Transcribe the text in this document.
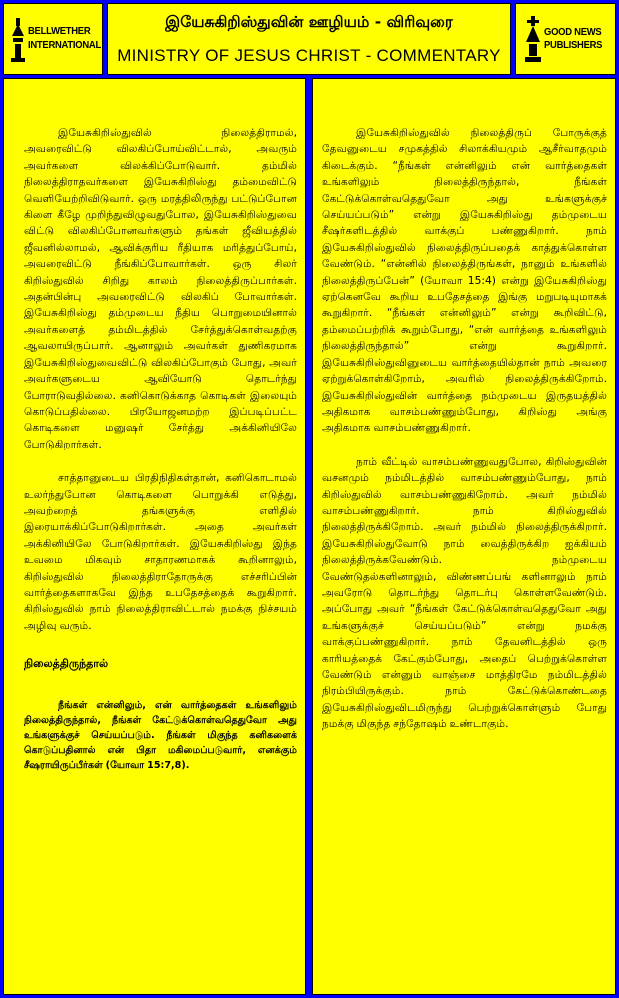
BELLWETHER
INTERNATIONAL
இயேசுகிறிஸ்துவின் ஊழியம் - விரிவுரை
MINISTRY OF JESUS CHRIST - COMMENTARY
GOOD NEWS
PUBLISHERS

இயேசுகிறிஸ்துவில் நிலைத்திராமல், அவரைவிட்டு விலகிப்போய்விட்டால், அவரும் அவர்களை விலக்கிப்போடுவார். தம்மில் நிலைத்திராதவர்களை இயேசுகிறிஸ்து தம்மைவிட்டு வெளியேற்றிவிடுவார். ஒரு மரத்திலிருந்து பட்டுப்போன கிளை கீழே முறிந்துவிழுவதுபோல, இயேசுகிறிஸ்துவை விட்டு விலகிப்போனவர்களும் தங்கள் ஜீவியத்தில் ஜீவனில்லாமல், ஆவிக்குரிய ரீதியாக மரித்துப்போய், அவரைவிட்டு நீங்கிப்போவார்கள். ஒரு சிலர் கிறிஸ்துவில் சிறிது காலம் நிலைத்திருப்பார்கள். அதன்பின்பு அவரைவிட்டு விலகிப் போவார்கள். இயேசுகிறிஸ்து தம்முடைய நீதிய பொறுமையினால் அவர்களைத் தம்மிடத்தில் சேர்த்துக்கொள்வதற்கு ஆவலாயிருப்பார். ஆனாலும் அவர்கள் துணிகரமாக இயேசுகிறிஸ்துவைவிட்டு விலகிப்போகும் போது, அவர் அவர்களுடைய ஆவியோடு தொடர்ந்து போராடுவதில்லை. கனிகொடுக்காத கொடிகள் இலையும் கொடுப்பதில்லை. பிரயோஜனமற்ற இப்படிப்பட்ட கொடிகளை மனுஷர் சேர்த்து அக்கினியிலே போடுகிறார்கள்.

சாத்தானுடைய பிரதிநிதிகள்தான், கனிகொடாமல் உலர்ந்துபோன கொடிகளை பொறுக்கி எடுத்து, அவற்றைத் தங்களுக்கு எளிதில் இரையாக்கிப்போடுகிறார்கள். அதை அவர்கள் அக்கினியிலே போடுகிறார்கள். இயேசுகிறிஸ்து இந்த உவமை மிகவும் சாதாரணமாகக் கூறினாலும், கிறிஸ்துவில் நிலைத்திராதோருக்கு எச்சரிப்பின் வார்த்தைகளாகவே இந்த உபதேசத்தைக் கூறுகிறார். கிறிஸ்துவில் நாம் நிலைத்திராவிட்டால் நமக்கு நிச்சயம் அழிவு வரும்.

நிலைத்திருந்தால்

நீங்கள் என்னிலும், என் வார்த்தைகள் உங்களிலும் நிலைத்திருந்தால், நீங்கள் கேட்டுக்கொள்வதெதுவோ அது உங்களுக்குச் செய்யப்படும். நீங்கள் மிகுந்த கனிகளைக் கொடுப்பதினால் என் பிதா மகிமைப்படுவார், எனக்கும் சீஷராயிருப்பீர்கள் (யோவா 15:7,8).

இயேசுகிறிஸ்துவில் நிலைத்திருப் போருக்குத் தேவனுடைய சமுகத்தில் சிலாக்கியமும் ஆசீர்வாதமும் கிடைக்கும். “நீங்கள் என்னிலும் என் வார்த்தைகள் உங்களிலும் நிலைத்திருந்தால், நீங்கள் கேட்டுக்கொள்வதெதுவோ அது உங்களுக்குச் செய்யப்படும்” என்று இயேசுகிறிஸ்து தம்முடைய சீஷர்களிடத்தில் வாக்குப் பண்ணுகிறார். நாம் இயேசுகிறிஸ்துவில் நிலைத்திருப்பதைக் காத்துக்கொள்ள வேண்டும். “என்னில் நிலைத்திருங்கள், நானும் உங்களில் நிலைத்திருப்பேன்” (யோவா 15:4) என்று இயேசுகிறிஸ்து ஏற்கெனவே கூறிய உபதேசத்தை இங்கு மறுபடியுமாகக் கூறுகிறார். “நீங்கள் என்னிலும்” என்று கூறிவிட்டு, தம்மைப்பற்றிக் கூறும்போது, “என் வார்த்தை உங்களிலும் நிலைத்திருந்தால்” என்று கூறுகிறார். இயேசுகிறிஸ்துவினுடைய வார்த்தையில்தான் நாம் அவரை ஏற்றுக்கொள்கிறோம், அவரில் நிலைத்திருக்கிறோம். இயேசுகிறிஸ்துவின் வார்த்தை நம்முடைய இருதயத்தில் அதிகமாக வாசம்பண்ணும்போது, கிறிஸ்து அங்கு அதிகமாக வாசம்பண்ணுகிறார்.

நாம் வீட்டில் வாசம்பண்ணுவதுபோல, கிறிஸ்துவின் வசனமும் நம்மிடத்தில் வாசம்பண்ணும்போது, நாம் கிறிஸ்துவில் வாசம்பண்ணுகிறோம். அவர் நம்மில் வாசம்பண்ணுகிறார். நாம் கிறிஸ்துவில் நிலைத்திருக்கிறோம். அவர் நம்மில் நிலைத்திருக்கிறார். இயேசுகிறிஸ்துவோடு நாம் வைத்திருக்கிற ஐக்கியம் நிலைத்திருக்கவேண்டும். நம்முடைய வேண்டுதல்களினாலும், விண்ணப்பங் களினாலும் நாம் அவரோடு தொடர்ந்து தொடர்பு கொள்ளவேண்டும். அப்போது அவர் “நீங்கள் கேட்டுக்கொள்வதெதுவோ அது உங்களுக்குச் செய்யப்படும்” என்று நமக்கு வாக்குப்பண்ணுகிறார். நாம் தேவனிடத்தில் ஒரு காரியத்தைக் கேட்கும்போது, அதைப் பெற்றுக்கொள்ள வேண்டும் என்னும் வாஞ்சை மாத்திரமே நம்மிடத்தில் நிரம்பியிருக்கும். நாம் கேட்டுக்கொண்டதை இயேசுகிறிஸ்துவிடமிருந்து பெற்றுக்கொள்ளும் போது நமக்கு மிகுந்த சந்தோஷம் உண்டாகும்.
